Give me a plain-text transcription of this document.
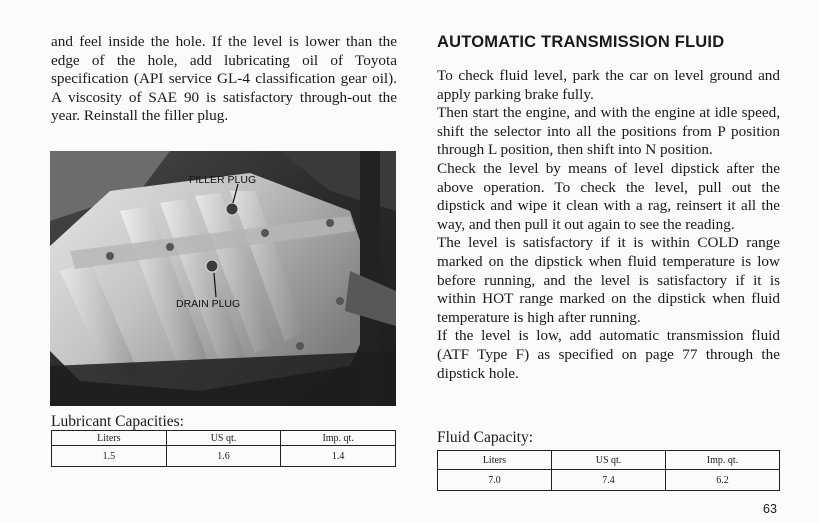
and feel inside the hole. If the level is lower than the edge of the hole, add lubricating oil of Toyota specification (API service GL-4 classification gear oil). A viscosity of SAE 90 is satisfactory through-out the year. Reinstall the filler plug.
FILLER PLUG
DRAIN PLUG
Lubricant Capacities:
Liters	US qt.	Imp. qt.
1.5	1.6	1.4
AUTOMATIC TRANSMISSION FLUID

To check fluid level, park the car on level ground and apply parking brake fully.

Then start the engine, and with the engine at idle speed, shift the selector into all the positions from P position through L position, then shift into N position.

Check the level by means of level dipstick after the above operation. To check the level, pull out the dipstick and wipe it clean with a rag, reinsert it all the way, and then pull it out again to see the reading.

The level is satisfactory if it is within COLD range marked on the dipstick when fluid temperature is low before running, and the level is satisfactory if it is within HOT range marked on the dipstick when fluid temperature is high after running.

If the level is low, add automatic transmission fluid (ATF Type F) as specified on page 77 through the dipstick hole.

Fluid Capacity:
Liters	US qt.	Imp. qt.
7.0	7.4	6.2
63
